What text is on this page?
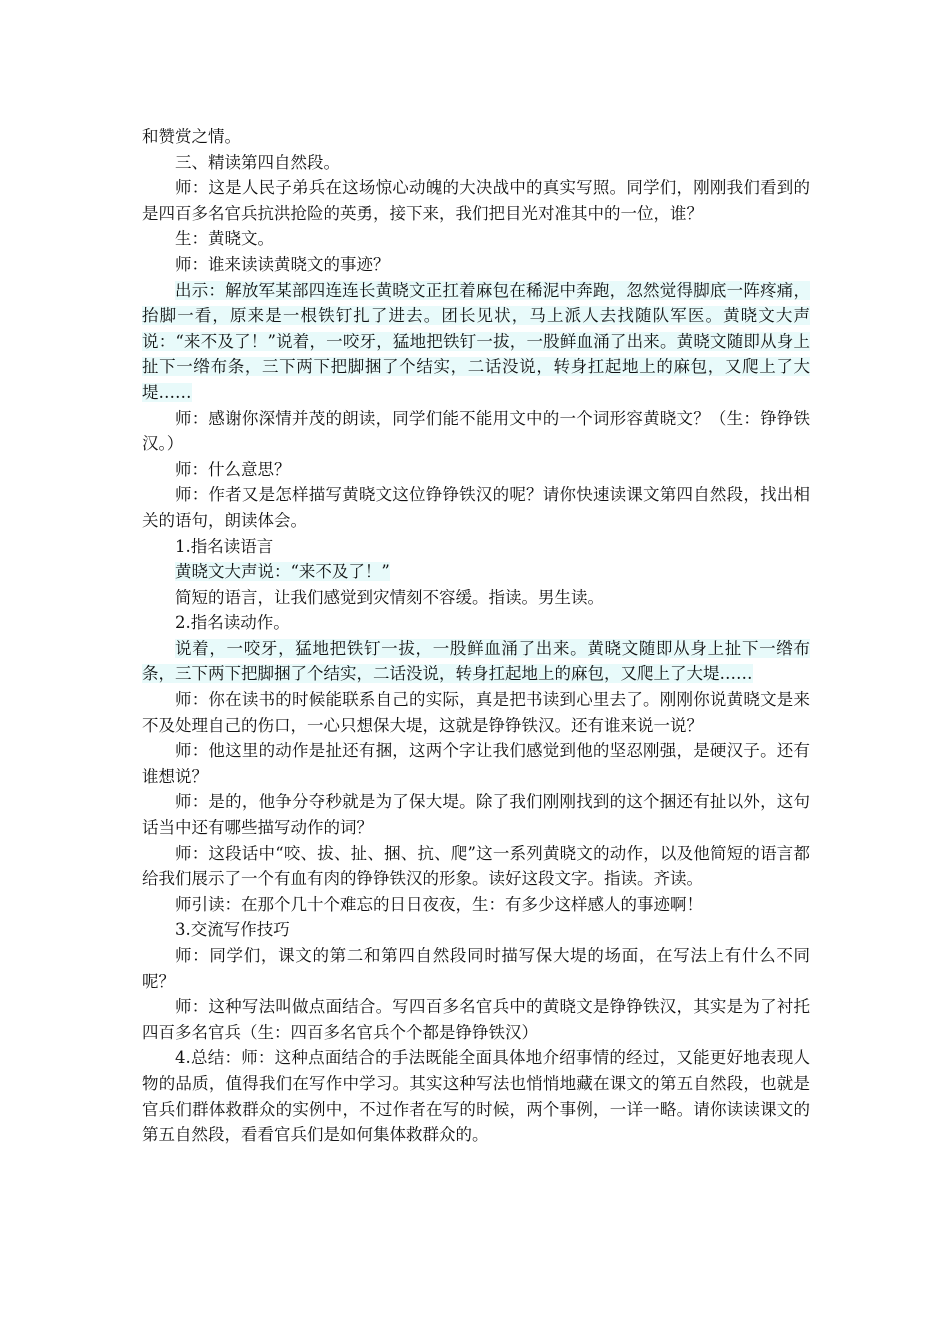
和赞赏之情。

三、精读第四自然段。

师：这是人民子弟兵在这场惊心动魄的大决战中的真实写照。同学们，刚刚我们看到的是四百多名官兵抗洪抢险的英勇，接下来，我们把目光对准其中的一位，谁？

生：黄晓文。

师：谁来读读黄晓文的事迹？

出示：解放军某部四连连长黄晓文正扛着麻包在稀泥中奔跑，忽然觉得脚底一阵疼痛，抬脚一看，原来是一根铁钉扎了进去。团长见状，马上派人去找随队军医。黄晓文大声说：“来不及了！”说着，一咬牙，猛地把铁钉一拔，一股鲜血涌了出来。黄晓文随即从身上扯下一绺布条，三下两下把脚捆了个结实，二话没说，转身扛起地上的麻包，又爬上了大堤……

师：感谢你深情并茂的朗读，同学们能不能用文中的一个词形容黄晓文？（生：铮铮铁汉。）

师：什么意思？

师：作者又是怎样描写黄晓文这位铮铮铁汉的呢？请你快速读课文第四自然段，找出相关的语句，朗读体会。

1.指名读语言

黄晓文大声说：“来不及了！”

简短的语言，让我们感觉到灾情刻不容缓。指读。男生读。

2.指名读动作。

说着，一咬牙，猛地把铁钉一拔，一股鲜血涌了出来。黄晓文随即从身上扯下一绺布条，三下两下把脚捆了个结实，二话没说，转身扛起地上的麻包，又爬上了大堤……

师：你在读书的时候能联系自己的实际，真是把书读到心里去了。刚刚你说黄晓文是来不及处理自己的伤口，一心只想保大堤，这就是铮铮铁汉。还有谁来说一说？

师：他这里的动作是扯还有捆，这两个字让我们感觉到他的坚忍刚强，是硬汉子。还有谁想说？

师：是的，他争分夺秒就是为了保大堤。除了我们刚刚找到的这个捆还有扯以外，这句话当中还有哪些描写动作的词？

师：这段话中“咬、拔、扯、捆、抗、爬”这一系列黄晓文的动作，以及他简短的语言都给我们展示了一个有血有肉的铮铮铁汉的形象。读好这段文字。指读。齐读。

师引读：在那个几十个难忘的日日夜夜，生：有多少这样感人的事迹啊！

3.交流写作技巧

师：同学们，课文的第二和第四自然段同时描写保大堤的场面，在写法上有什么不同呢？

师：这种写法叫做点面结合。写四百多名官兵中的黄晓文是铮铮铁汉，其实是为了衬托四百多名官兵（生：四百多名官兵个个都是铮铮铁汉）

4.总结：师：这种点面结合的手法既能全面具体地介绍事情的经过，又能更好地表现人物的品质，值得我们在写作中学习。其实这种写法也悄悄地藏在课文的第五自然段，也就是官兵们群体救群众的实例中，不过作者在写的时候，两个事例，一详一略。请你读读课文的第五自然段，看看官兵们是如何集体救群众的。
